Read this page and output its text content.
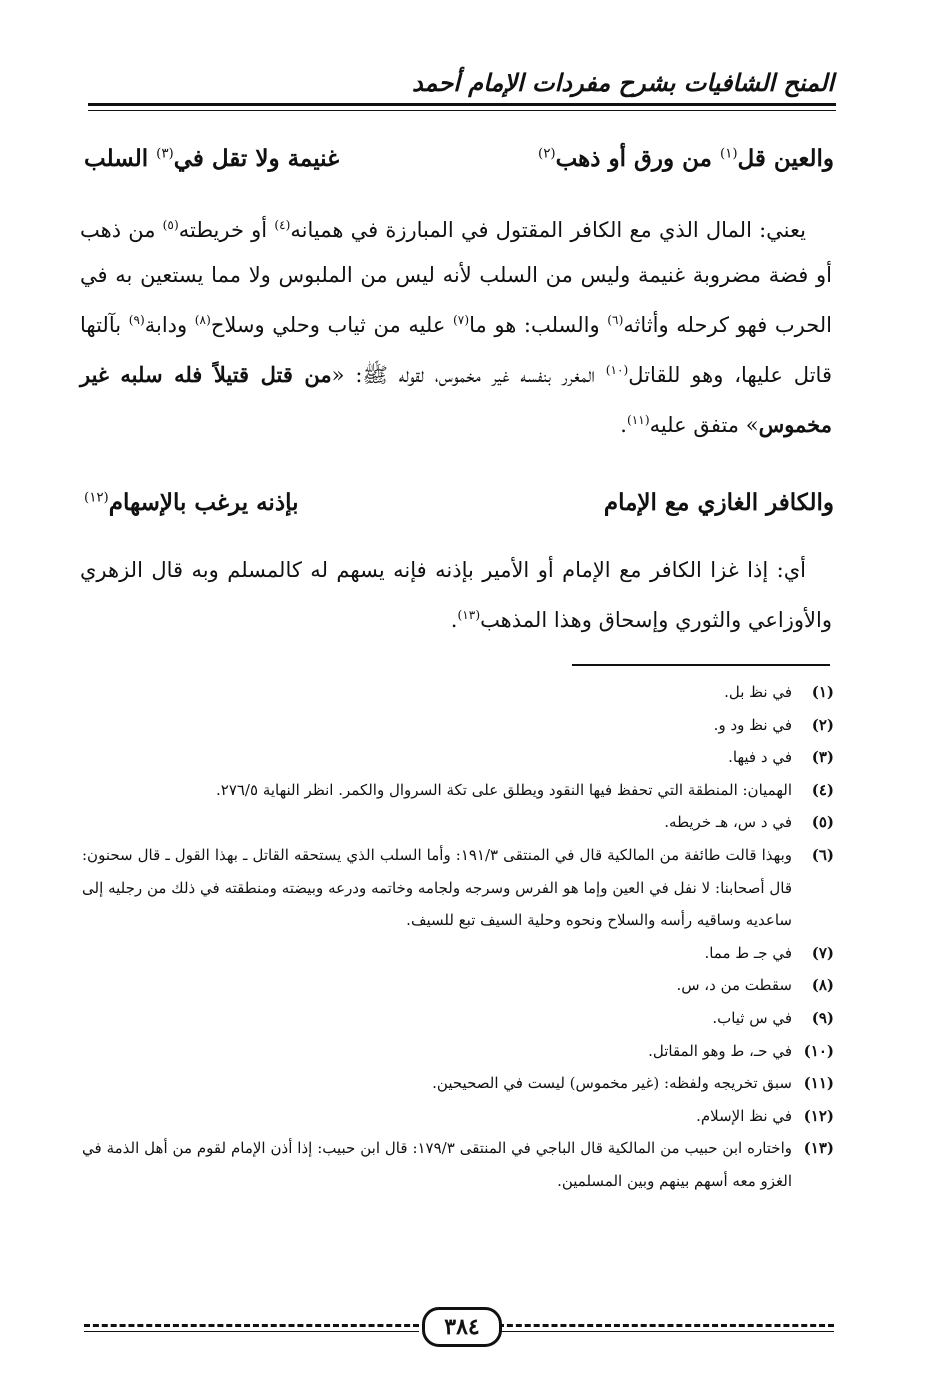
المنح الشافيات بشرح مفردات الإمام أحمد
والعين قل$^{(١)}$ من ورق أو ذهب$^{(٢)}$
غنيمة ولا تقل في$^{(٣)}$ السلب
يعني: المال الذي مع الكافر المقتول في المبارزة في هميانه$^{(٤)}$ أو خريطته$^{(٥)}$ من ذهب أو فضة مضروبة غنيمة وليس من السلب لأنه ليس من الملبوس ولا مما يستعين به في الحرب فهو كرحله وأثاثه$^{(٦)}$ والسلب: هو ما$^{(٧)}$ عليه من ثياب وحلي وسلاح$^{(٨)}$ ودابة$^{(٩)}$ بآلتها قاتل عليها، وهو للقاتل$^{(١٠)}$ المغرر بنفسه غير مخموس، لقوله ﷺ: «من قتل قتيلاً فله سلبه غير مخموس» متفق عليه$^{(١١)}$.
والكافر الغازي مع الإمام
بإذنه يرغب بالإسهام$^{(١٢)}$
أي: إذا غزا الكافر مع الإمام أو الأمير بإذنه فإنه يسهم له كالمسلم وبه قال الزهري والأوزاعي والثوري وإسحاق وهذا المذهب$^{(١٣)}$.
(١)
في نظ بل.
(٢)
في نظ ود و.
(٣)
في د فيها.
(٤)
الهميان: المنطقة التي تحفظ فيها النقود ويطلق على تكة السروال والكمر. انظر النهاية ٢٧٦/٥.
(٥)
في د س، هـ خريطه.
(٦)
وبهذا قالت طائفة من المالكية قال في المنتقى ١٩١/٣: وأما السلب الذي يستحقه القاتل ـ بهذا القول ـ قال سحنون: قال أصحابنا: لا نفل في العين وإما هو الفرس وسرجه ولجامه وخاتمه ودرعه وبيضته ومنطقته في ذلك من رجليه إلى ساعديه وساقيه رأسه والسلاح ونحوه وحلية السيف تبع للسيف.
(٧)
في جـ ط مما.
(٨)
سقطت من د، س.
(٩)
في س ثياب.
(١٠)
في حـ، ط وهو المقاتل.
(١١)
سبق تخريجه ولفظه: (غير مخموس) ليست في الصحيحين.
(١٢)
في نظ الإسلام.
(١٣)
واختاره ابن حبيب من المالكية قال الباجي في المنتقى ١٧٩/٣: قال ابن حبيب: إذا أذن الإمام لقوم من أهل الذمة في الغزو معه أسهم بينهم وبين المسلمين.
٣٨٤
